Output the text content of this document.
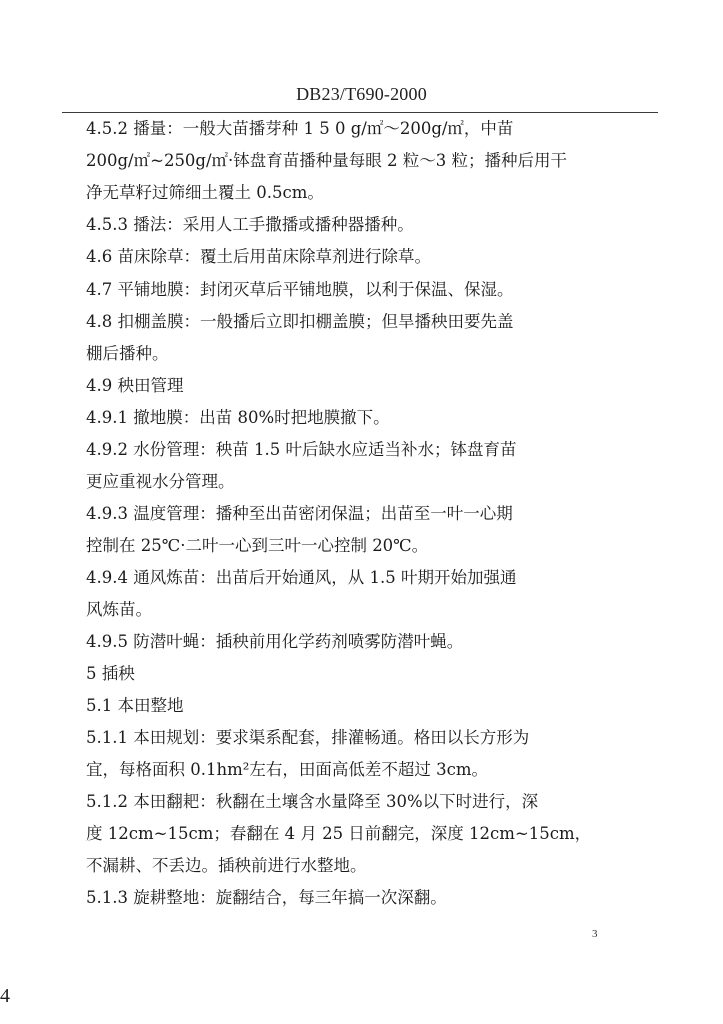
DB23/T690-2000
4.5.2 播量：一般大苗播芽种 1 5 0 g/㎡～200g/㎡，中苗
200g/㎡~250g/㎡·钵盘育苗播种量每眼 2 粒～3 粒；播种后用干
净无草籽过筛细土覆土 0.5cm。
4.5.3 播法：采用人工手撒播或播种器播种。
4.6 苗床除草：覆土后用苗床除草剂进行除草。
4.7 平铺地膜：封闭灭草后平铺地膜，以利于保温、保湿。
4.8 扣棚盖膜：一般播后立即扣棚盖膜；但旱播秧田要先盖
棚后播种。
4.9 秧田管理
4.9.1 撤地膜：出苗 80%时把地膜撤下。
4.9.2 水份管理：秧苗 1.5 叶后缺水应适当补水；钵盘育苗
更应重视水分管理。
4.9.3 温度管理：播种至出苗密闭保温；出苗至一叶一心期
控制在 25℃·二叶一心到三叶一心控制 20℃。
4.9.4 通风炼苗：出苗后开始通风，从 1.5 叶期开始加强通
风炼苗。
4.9.5 防潜叶蝇：插秧前用化学药剂喷雾防潜叶蝇。
5 插秧
5.1 本田整地
5.1.1 本田规划：要求渠系配套，排灌畅通。格田以长方形为
宜，每格面积 0.1hm²左右，田面高低差不超过 3cm。
5.1.2 本田翻耙：秋翻在土壤含水量降至 30%以下时进行，深
度 12cm~15cm；春翻在 4 月 25 日前翻完，深度 12cm~15cm，
不漏耕、不丢边。插秧前进行水整地。
5.1.3 旋耕整地：旋翻结合，每三年搞一次深翻。
3
4
